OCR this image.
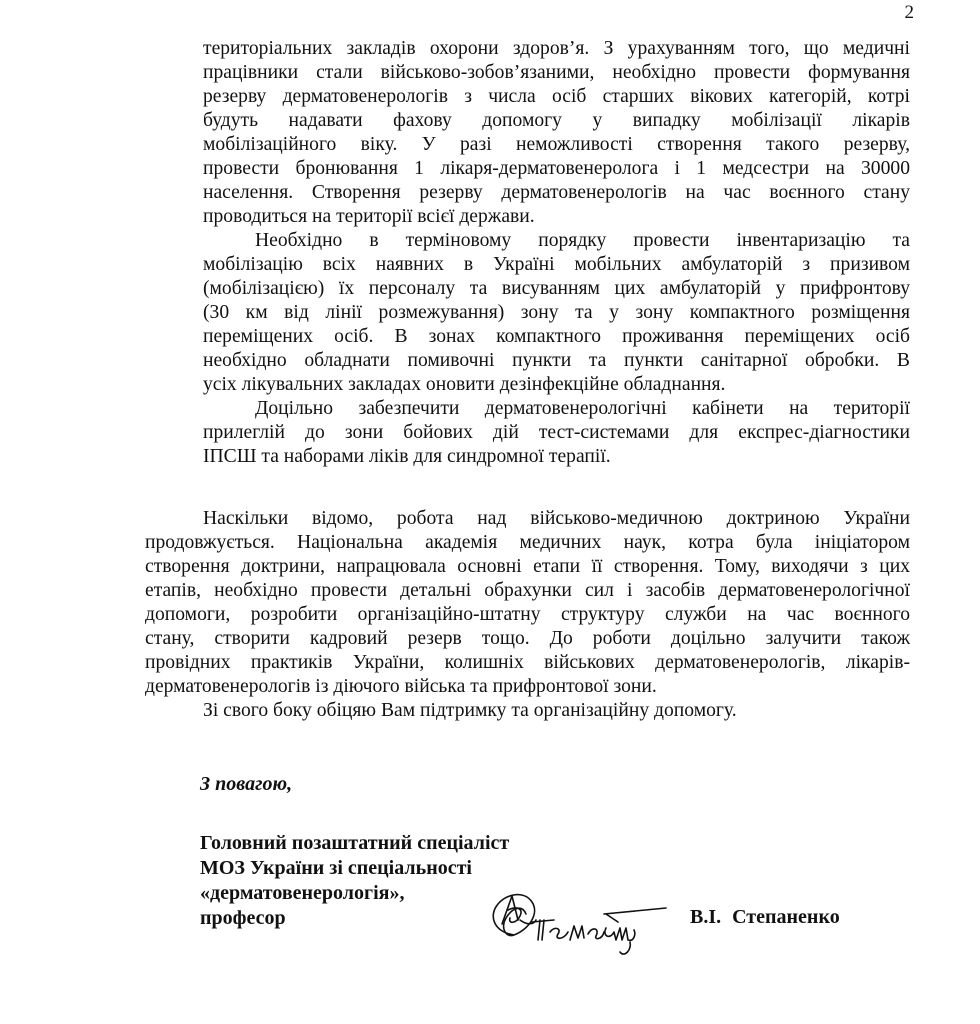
2

територіальних закладів охорони здоров’я. З урахуванням того, що медичні
працівники стали військово-зобов’язаними, необхідно провести формування
резерву дерматовенерологів з числа осіб старших вікових категорій, котрі
будуть надавати фахову допомогу у випадку мобілізації лікарів
мобілізаційного віку. У разі неможливості створення такого резерву,
провести бронювання 1 лікаря-дерматовенеролога і 1 медсестри на 30000
населення. Створення резерву дерматовенерологів на час воєнного стану
проводиться на території всієї держави.

Необхідно в терміновому порядку провести інвентаризацію та
мобілізацію всіх наявних в Україні мобільних амбулаторій з призивом
(мобілізацією) їх персоналу та висуванням цих амбулаторій у прифронтову
(30 км від лінії розмежування) зону та у зону компактного розміщення
переміщених осіб. В зонах компактного проживання переміщених осіб
необхідно обладнати помивочні пункти та пункти санітарної обробки. В
усіх лікувальних закладах оновити дезінфекційне обладнання.

Доцільно забезпечити дерматовенерологічні кабінети на території
прилеглій до зони бойових дій тест-системами для експрес-діагностики
ІПСШ та наборами ліків для синдромної терапії.

Наскільки відомо, робота над військово-медичною доктриною України
продовжується. Національна академія медичних наук, котра була ініціатором
створення доктрини, напрацювала основні етапи її створення. Тому, виходячи з цих
етапів, необхідно провести детальні обрахунки сил і засобів дерматовенерологічної
допомоги, розробити організаційно-штатну структуру служби на час воєнного
стану, створити кадровий резерв тощо. До роботи доцільно залучити також
провідних практиків України, колишніх військових дерматовенерологів, лікарів-
дерматовенерологів із діючого війська та прифронтової зони.

Зі свого боку обіцяю Вам підтримку та організаційну допомогу.

З повагою,
Головний позаштатний спеціаліст
МОЗ України зі спеціальності
«дерматовенерологія»,
професор	В.І. Степаненко
